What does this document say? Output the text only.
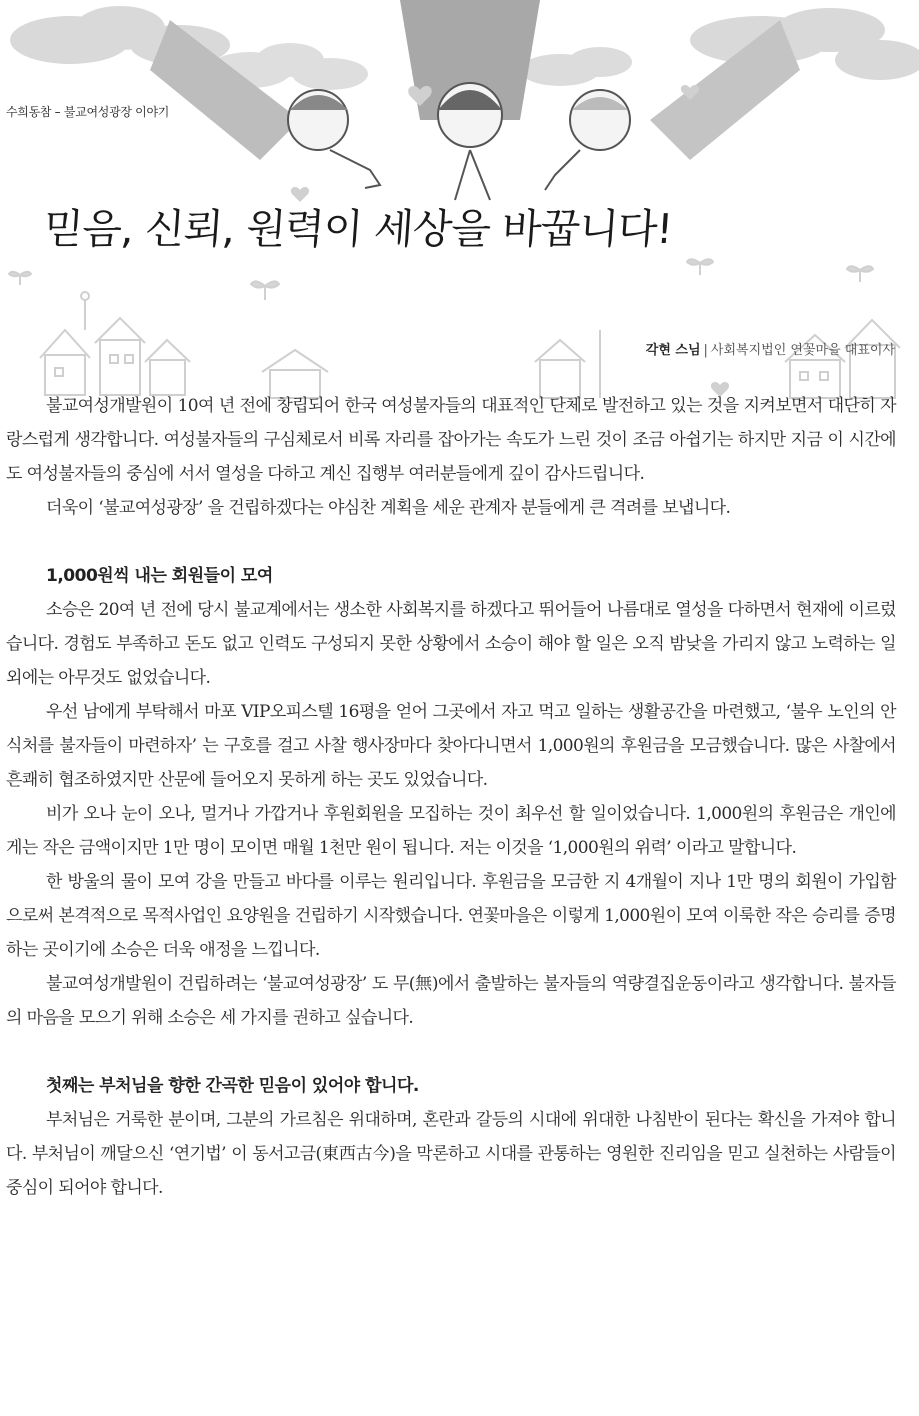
수희동참 – 불교여성광장 이야기
믿음, 신뢰, 원력이 세상을 바꿉니다!
각현 스님 | 사회복지법인 연꽃마을 대표이사

불교여성개발원이 10여 년 전에 창립되어 한국 여성불자들의 대표적인 단체로 발전하고 있는 것을 지켜보면서 대단히 자랑스럽게 생각합니다. 여성불자들의 구심체로서 비록 자리를 잡아가는 속도가 느린 것이 조금 아쉽기는 하지만 지금 이 시간에도 여성불자들의 중심에 서서 열성을 다하고 계신 집행부 여러분들에게 깊이 감사드립니다.

더욱이 ‘불교여성광장’ 을 건립하겠다는 야심찬 계획을 세운 관계자 분들에게 큰 격려를 보냅니다.

1,000원씩 내는 회원들이 모여

소승은 20여 년 전에 당시 불교계에서는 생소한 사회복지를 하겠다고 뛰어들어 나름대로 열성을 다하면서 현재에 이르렀습니다. 경험도 부족하고 돈도 없고 인력도 구성되지 못한 상황에서 소승이 해야 할 일은 오직 밤낮을 가리지 않고 노력하는 일 외에는 아무것도 없었습니다.

우선 남에게 부탁해서 마포 VIP오피스텔 16평을 얻어 그곳에서 자고 먹고 일하는 생활공간을 마련했고, ‘불우 노인의 안식처를 불자들이 마련하자’ 는 구호를 걸고 사찰 행사장마다 찾아다니면서 1,000원의 후원금을 모금했습니다. 많은 사찰에서 흔쾌히 협조하였지만 산문에 들어오지 못하게 하는 곳도 있었습니다.

비가 오나 눈이 오나, 멀거나 가깝거나 후원회원을 모집하는 것이 최우선 할 일이었습니다. 1,000원의 후원금은 개인에게는 작은 금액이지만 1만 명이 모이면 매월 1천만 원이 됩니다. 저는 이것을 ‘1,000원의 위력’ 이라고 말합니다.

한 방울의 물이 모여 강을 만들고 바다를 이루는 원리입니다. 후원금을 모금한 지 4개월이 지나 1만 명의 회원이 가입함으로써 본격적으로 목적사업인 요양원을 건립하기 시작했습니다. 연꽃마을은 이렇게 1,000원이 모여 이룩한 작은 승리를 증명하는 곳이기에 소승은 더욱 애정을 느낍니다.

불교여성개발원이 건립하려는 ‘불교여성광장’ 도 무(無)에서 출발하는 불자들의 역량결집운동이라고 생각합니다. 불자들의 마음을 모으기 위해 소승은 세 가지를 권하고 싶습니다.

첫째는 부처님을 향한 간곡한 믿음이 있어야 합니다.

부처님은 거룩한 분이며, 그분의 가르침은 위대하며, 혼란과 갈등의 시대에 위대한 나침반이 된다는 확신을 가져야 합니다. 부처님이 깨달으신 ‘연기법’ 이 동서고금(東西古今)을 막론하고 시대를 관통하는 영원한 진리임을 믿고 실천하는 사람들이 중심이 되어야 합니다.
